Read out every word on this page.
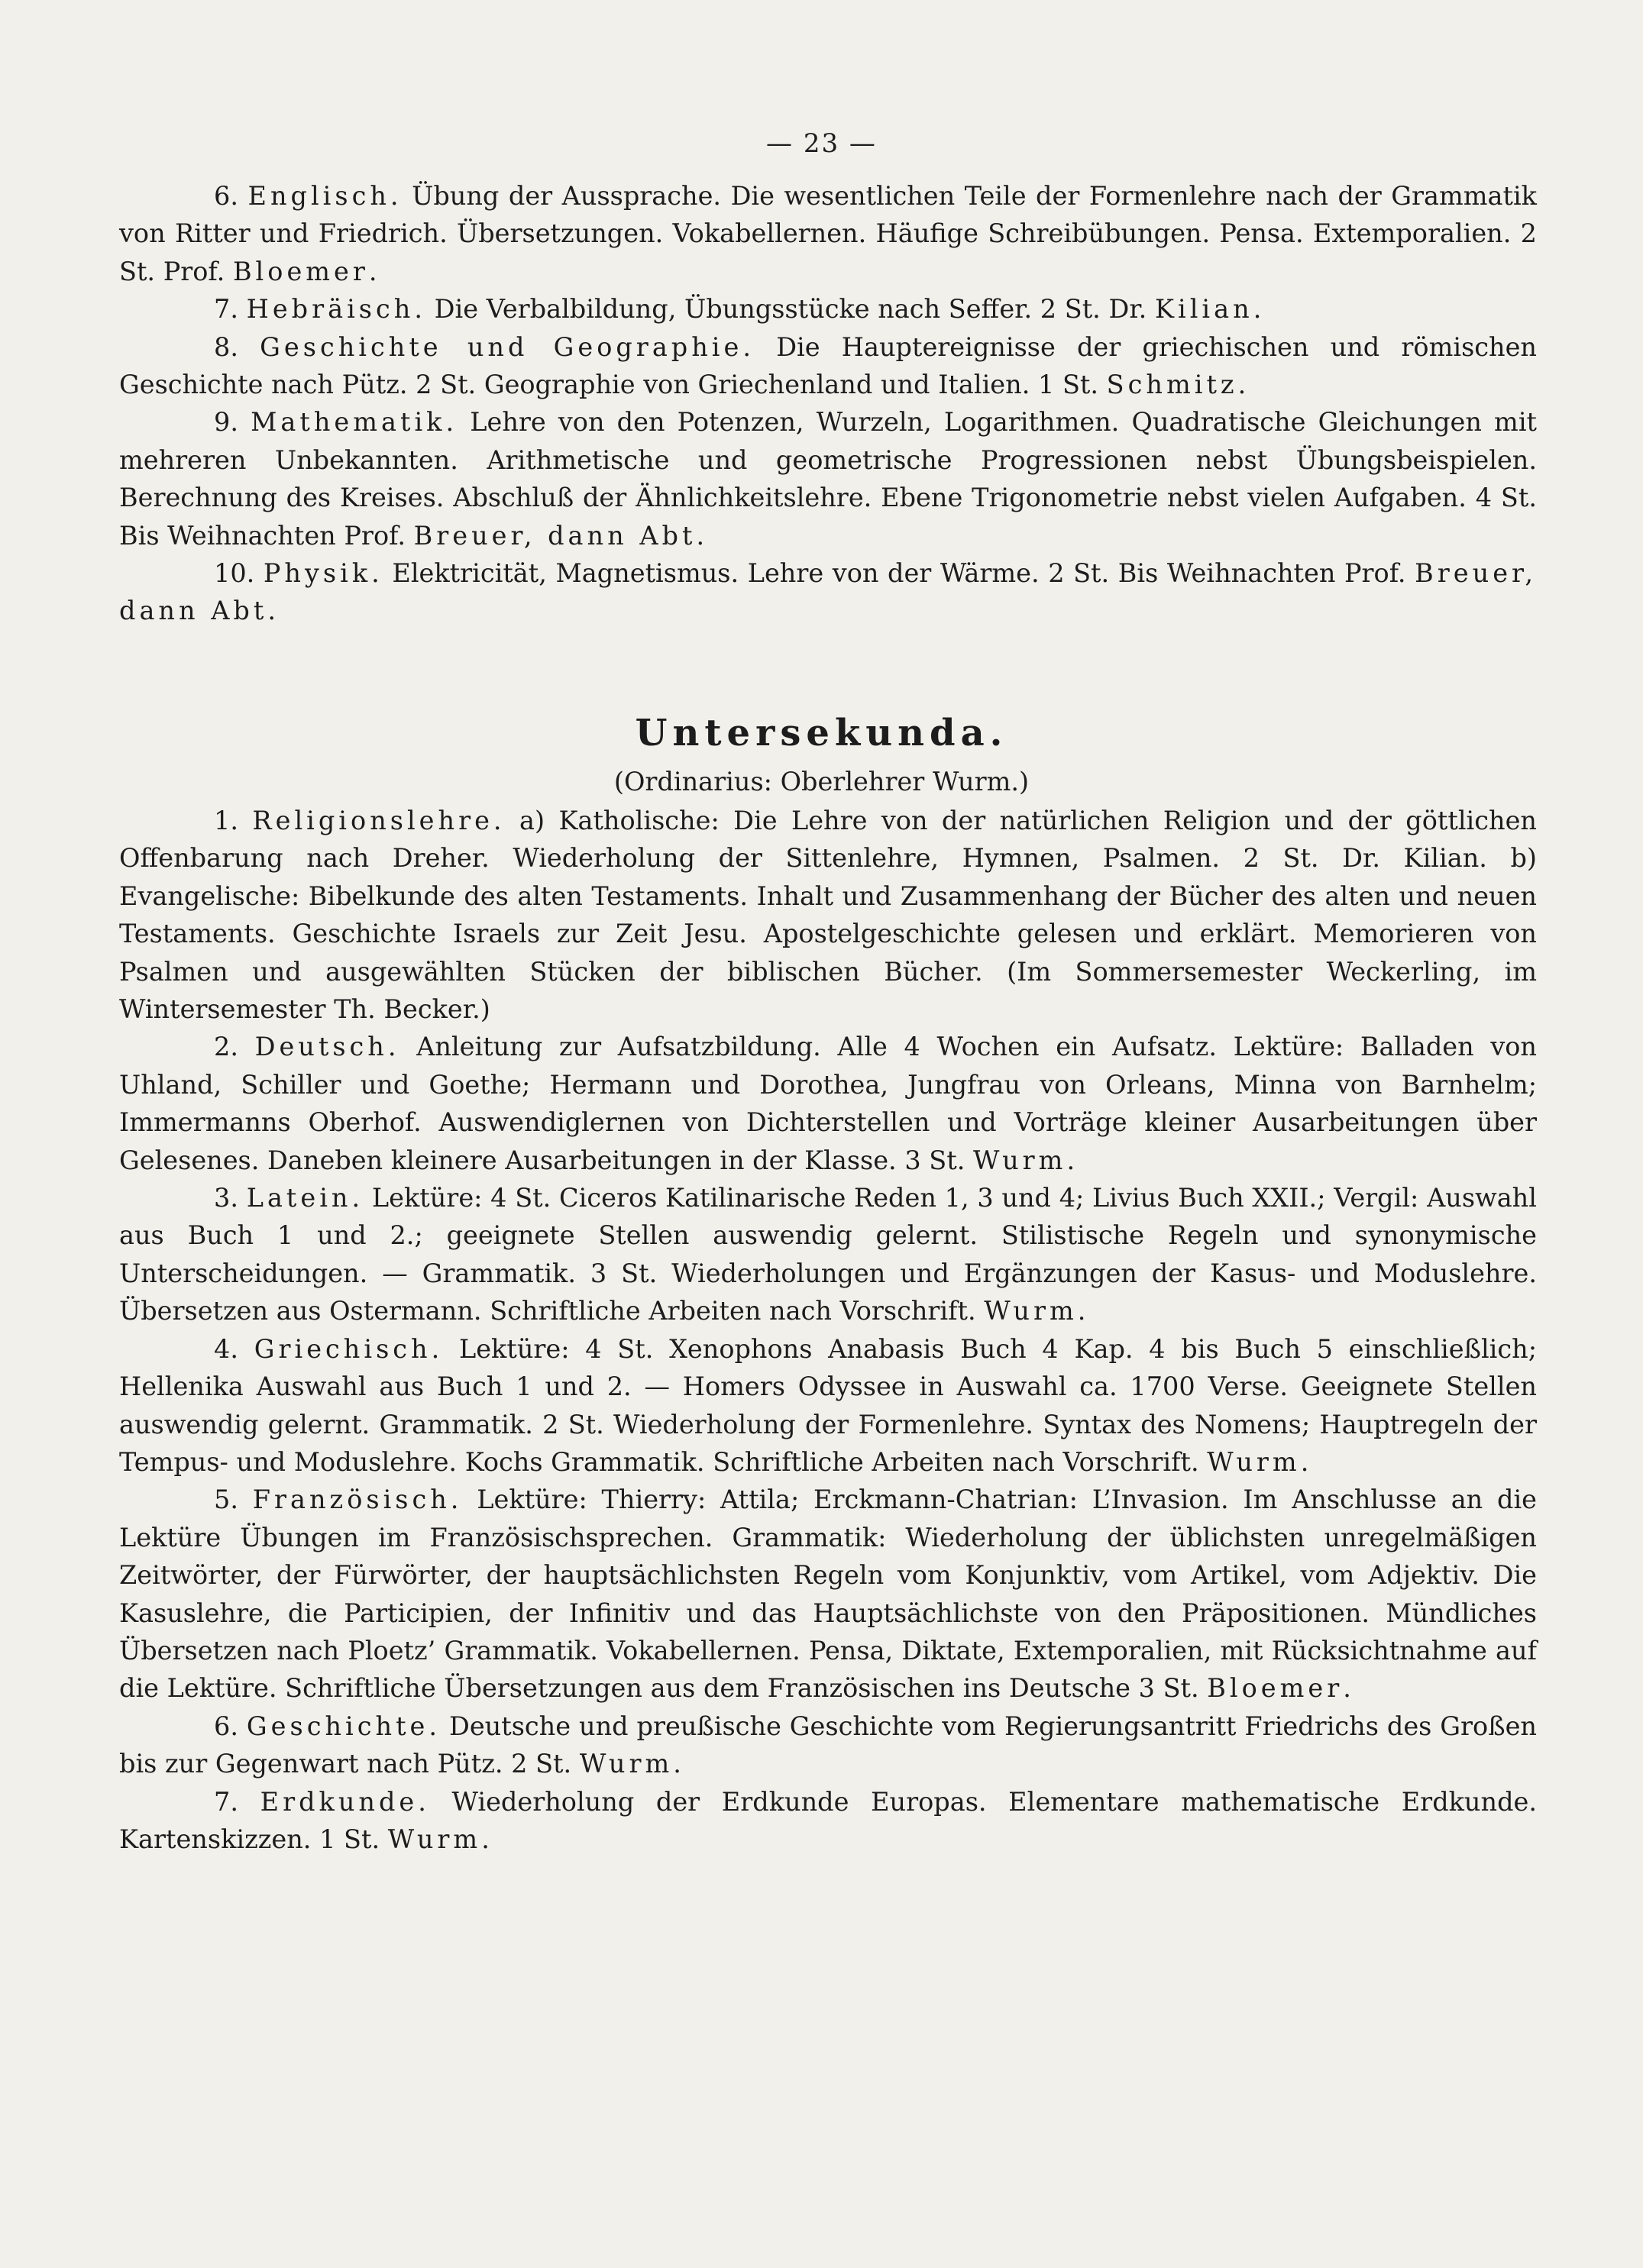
— 23 —

6. Englisch. Übung der Aussprache. Die wesentlichen Teile der Formenlehre nach der Grammatik von Ritter und Friedrich. Übersetzungen. Vokabellernen. Häufige Schreibübungen. Pensa. Extemporalien. 2 St. Prof. Bloemer.

7. Hebräisch. Die Verbalbildung, Übungsstücke nach Seffer. 2 St. Dr. Kilian.

8. Geschichte und Geographie. Die Hauptereignisse der griechischen und römischen Geschichte nach Pütz. 2 St. Geographie von Griechenland und Italien. 1 St. Schmitz.

9. Mathematik. Lehre von den Potenzen, Wurzeln, Logarithmen. Quadratische Gleichungen mit mehreren Unbekannten. Arithmetische und geometrische Progressionen nebst Übungsbeispielen. Berechnung des Kreises. Abschluß der Ähnlichkeitslehre. Ebene Trigonometrie nebst vielen Aufgaben. 4 St. Bis Weihnachten Prof. Breuer, dann Abt.

10. Physik. Elektricität, Magnetismus. Lehre von der Wärme. 2 St. Bis Weihnachten Prof. Breuer, dann Abt.

Untersekunda.
(Ordinarius: Oberlehrer Wurm.)

1. Religionslehre. a) Katholische: Die Lehre von der natürlichen Religion und der göttlichen Offenbarung nach Dreher. Wiederholung der Sittenlehre, Hymnen, Psalmen. 2 St. Dr. Kilian. b) Evangelische: Bibelkunde des alten Testaments. Inhalt und Zusammenhang der Bücher des alten und neuen Testaments. Geschichte Israels zur Zeit Jesu. Apostelgeschichte gelesen und erklärt. Memorieren von Psalmen und ausgewählten Stücken der biblischen Bücher. (Im Sommersemester Weckerling, im Wintersemester Th. Becker.)

2. Deutsch. Anleitung zur Aufsatzbildung. Alle 4 Wochen ein Aufsatz. Lektüre: Balladen von Uhland, Schiller und Goethe; Hermann und Dorothea, Jungfrau von Orleans, Minna von Barnhelm; Immermanns Oberhof. Auswendiglernen von Dichterstellen und Vorträge kleiner Ausarbeitungen über Gelesenes. Daneben kleinere Ausarbeitungen in der Klasse. 3 St. Wurm.

3. Latein. Lektüre: 4 St. Ciceros Katilinarische Reden 1, 3 und 4; Livius Buch XXII.; Vergil: Auswahl aus Buch 1 und 2.; geeignete Stellen auswendig gelernt. Stilistische Regeln und synonymische Unterscheidungen. — Grammatik. 3 St. Wiederholungen und Ergänzungen der Kasus- und Moduslehre. Übersetzen aus Ostermann. Schriftliche Arbeiten nach Vorschrift. Wurm.

4. Griechisch. Lektüre: 4 St. Xenophons Anabasis Buch 4 Kap. 4 bis Buch 5 einschließlich; Hellenika Auswahl aus Buch 1 und 2. — Homers Odyssee in Auswahl ca. 1700 Verse. Geeignete Stellen auswendig gelernt. Grammatik. 2 St. Wiederholung der Formenlehre. Syntax des Nomens; Hauptregeln der Tempus- und Moduslehre. Kochs Grammatik. Schriftliche Arbeiten nach Vorschrift. Wurm.

5. Französisch. Lektüre: Thierry: Attila; Erckmann-Chatrian: L’Invasion. Im Anschlusse an die Lektüre Übungen im Französischsprechen. Grammatik: Wiederholung der üblichsten unregelmäßigen Zeitwörter, der Fürwörter, der hauptsächlichsten Regeln vom Konjunktiv, vom Artikel, vom Adjektiv. Die Kasuslehre, die Participien, der Infinitiv und das Hauptsächlichste von den Präpositionen. Mündliches Übersetzen nach Ploetz’ Grammatik. Vokabellernen. Pensa, Diktate, Extemporalien, mit Rücksichtnahme auf die Lektüre. Schriftliche Übersetzungen aus dem Französischen ins Deutsche 3 St. Bloemer.

6. Geschichte. Deutsche und preußische Geschichte vom Regierungsantritt Friedrichs des Großen bis zur Gegenwart nach Pütz. 2 St. Wurm.

7. Erdkunde. Wiederholung der Erdkunde Europas. Elementare mathematische Erdkunde. Kartenskizzen. 1 St. Wurm.
